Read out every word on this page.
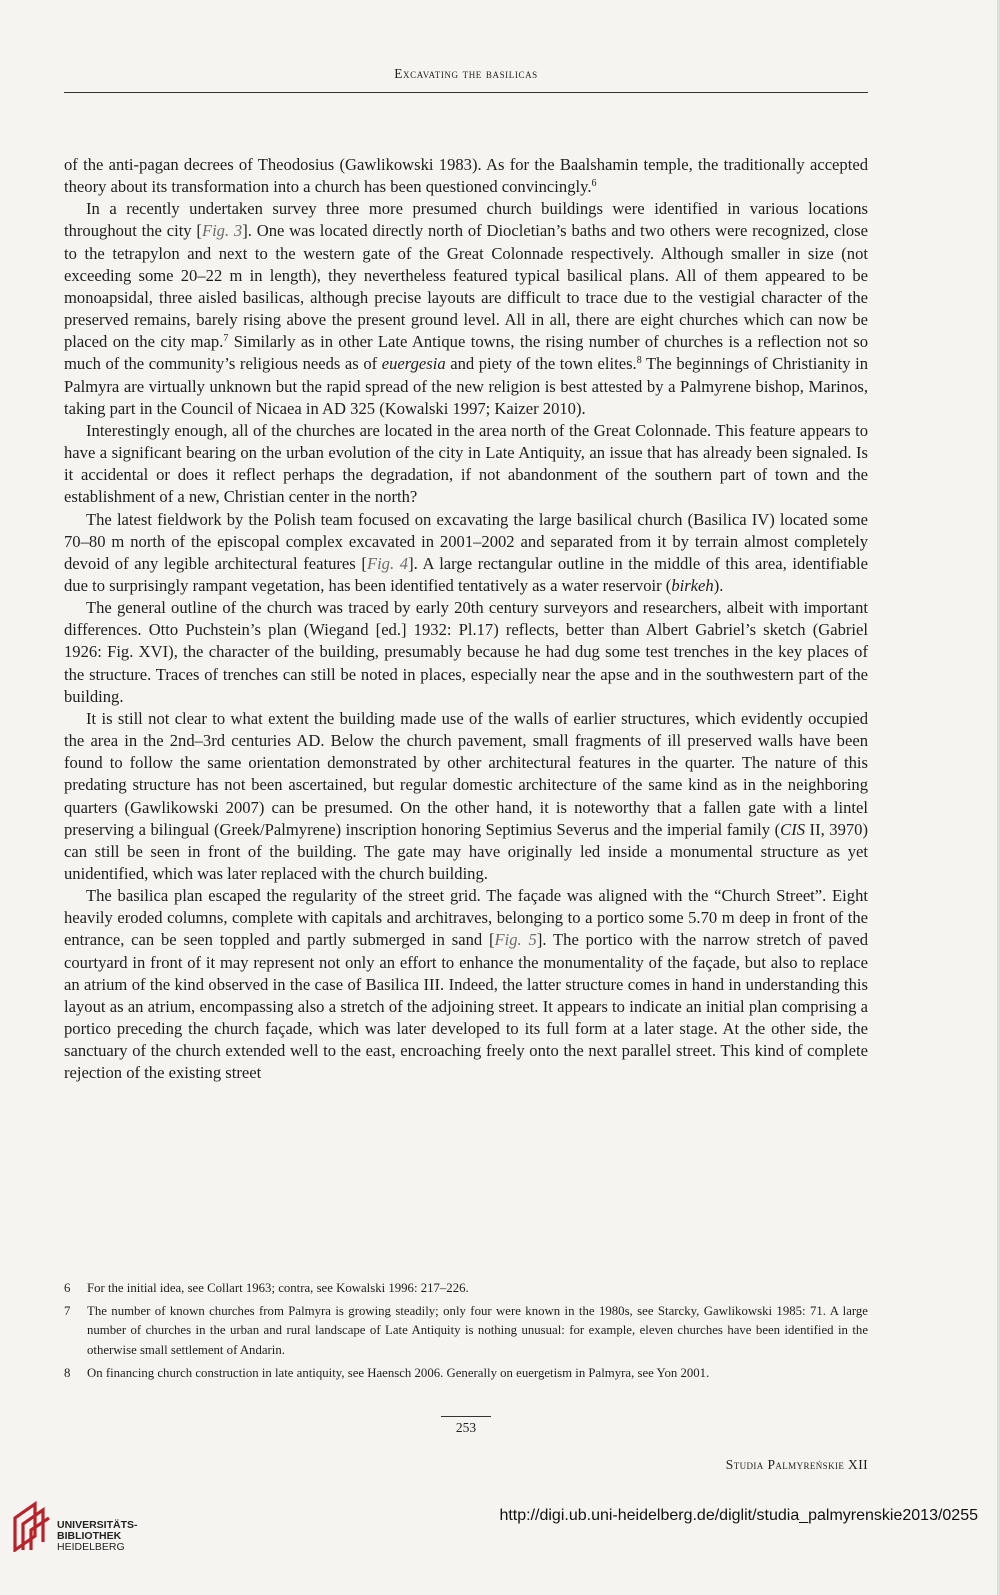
Excavating the basilicas

of the anti-pagan decrees of Theodosius (Gawlikowski 1983). As for the Baalshamin temple, the traditionally accepted theory about its transformation into a church has been questioned convincingly.$^6$

In a recently undertaken survey three more presumed church buildings were identified in various locations throughout the city [Fig. 3]. One was located directly north of Diocletian’s baths and two others were recognized, close to the tetrapylon and next to the western gate of the Great Colonnade respectively. Although smaller in size (not exceeding some 20–22 m in length), they nevertheless featured typical basilical plans. All of them appeared to be monoapsidal, three aisled basilicas, although precise layouts are difficult to trace due to the vestigial character of the preserved remains, barely rising above the present ground level. All in all, there are eight churches which can now be placed on the city map.$^7$ Similarly as in other Late Antique towns, the rising number of churches is a reflection not so much of the community’s religious needs as of euergesia and piety of the town elites.$^8$ The beginnings of Christianity in Palmyra are virtually unknown but the rapid spread of the new religion is best attested by a Palmyrene bishop, Marinos, taking part in the Council of Nicaea in AD 325 (Kowalski 1997; Kaizer 2010).

Interestingly enough, all of the churches are located in the area north of the Great Colonnade. This feature appears to have a significant bearing on the urban evolution of the city in Late Antiquity, an issue that has already been signaled. Is it accidental or does it reflect perhaps the degradation, if not abandonment of the southern part of town and the establishment of a new, Christian center in the north?

The latest fieldwork by the Polish team focused on excavating the large basilical church (Basilica IV) located some 70–80 m north of the episcopal complex excavated in 2001–2002 and separated from it by terrain almost completely devoid of any legible architectural features [Fig. 4]. A large rectangular outline in the middle of this area, identifiable due to surprisingly rampant vegetation, has been identified tentatively as a water reservoir (birkeh).

The general outline of the church was traced by early 20th century surveyors and researchers, albeit with important differences. Otto Puchstein’s plan (Wiegand [ed.] 1932: Pl.17) reflects, better than Albert Gabriel’s sketch (Gabriel 1926: Fig. XVI), the character of the building, presumably because he had dug some test trenches in the key places of the structure. Traces of trenches can still be noted in places, especially near the apse and in the southwestern part of the building.

It is still not clear to what extent the building made use of the walls of earlier structures, which evidently occupied the area in the 2nd–3rd centuries AD. Below the church pavement, small fragments of ill preserved walls have been found to follow the same orientation demonstrated by other architectural features in the quarter. The nature of this predating structure has not been ascertained, but regular domestic architecture of the same kind as in the neighboring quarters (Gawlikowski 2007) can be presumed. On the other hand, it is noteworthy that a fallen gate with a lintel preserving a bilingual (Greek/Palmyrene) inscription honoring Septimius Severus and the imperial family (CIS II, 3970) can still be seen in front of the building. The gate may have originally led inside a monumental structure as yet unidentified, which was later replaced with the church building.

The basilica plan escaped the regularity of the street grid. The façade was aligned with the “Church Street”. Eight heavily eroded columns, complete with capitals and architraves, belonging to a portico some 5.70 m deep in front of the entrance, can be seen toppled and partly submerged in sand [Fig. 5]. The portico with the narrow stretch of paved courtyard in front of it may represent not only an effort to enhance the monumentality of the façade, but also to replace an atrium of the kind observed in the case of Basilica III. Indeed, the latter structure comes in hand in understanding this layout as an atrium, encompassing also a stretch of the adjoining street. It appears to indicate an initial plan comprising a portico preceding the church façade, which was later developed to its full form at a later stage. At the other side, the sanctuary of the church extended well to the east, encroaching freely onto the next parallel street. This kind of complete rejection of the existing street

6	For the initial idea, see Collart 1963; contra, see Kowalski 1996: 217–226.
7	The number of known churches from Palmyra is growing steadily; only four were known in the 1980s, see Starcky, Gawlikowski 1985: 71. A large number of churches in the urban and rural landscape of Late Antiquity is nothing unusual: for example, eleven churches have been identified in the otherwise small settlement of Andarin.
8	On financing church construction in late antiquity, see Haensch 2006. Generally on euergetism in Palmyra, see Yon 2001.
253
Studia Palmyreńskie XII
UNIVERSITÄTS-
BIBLIOTHEK
HEIDELBERG
http://digi.ub.uni-heidelberg.de/diglit/studia_palmyrenskie2013/0255
